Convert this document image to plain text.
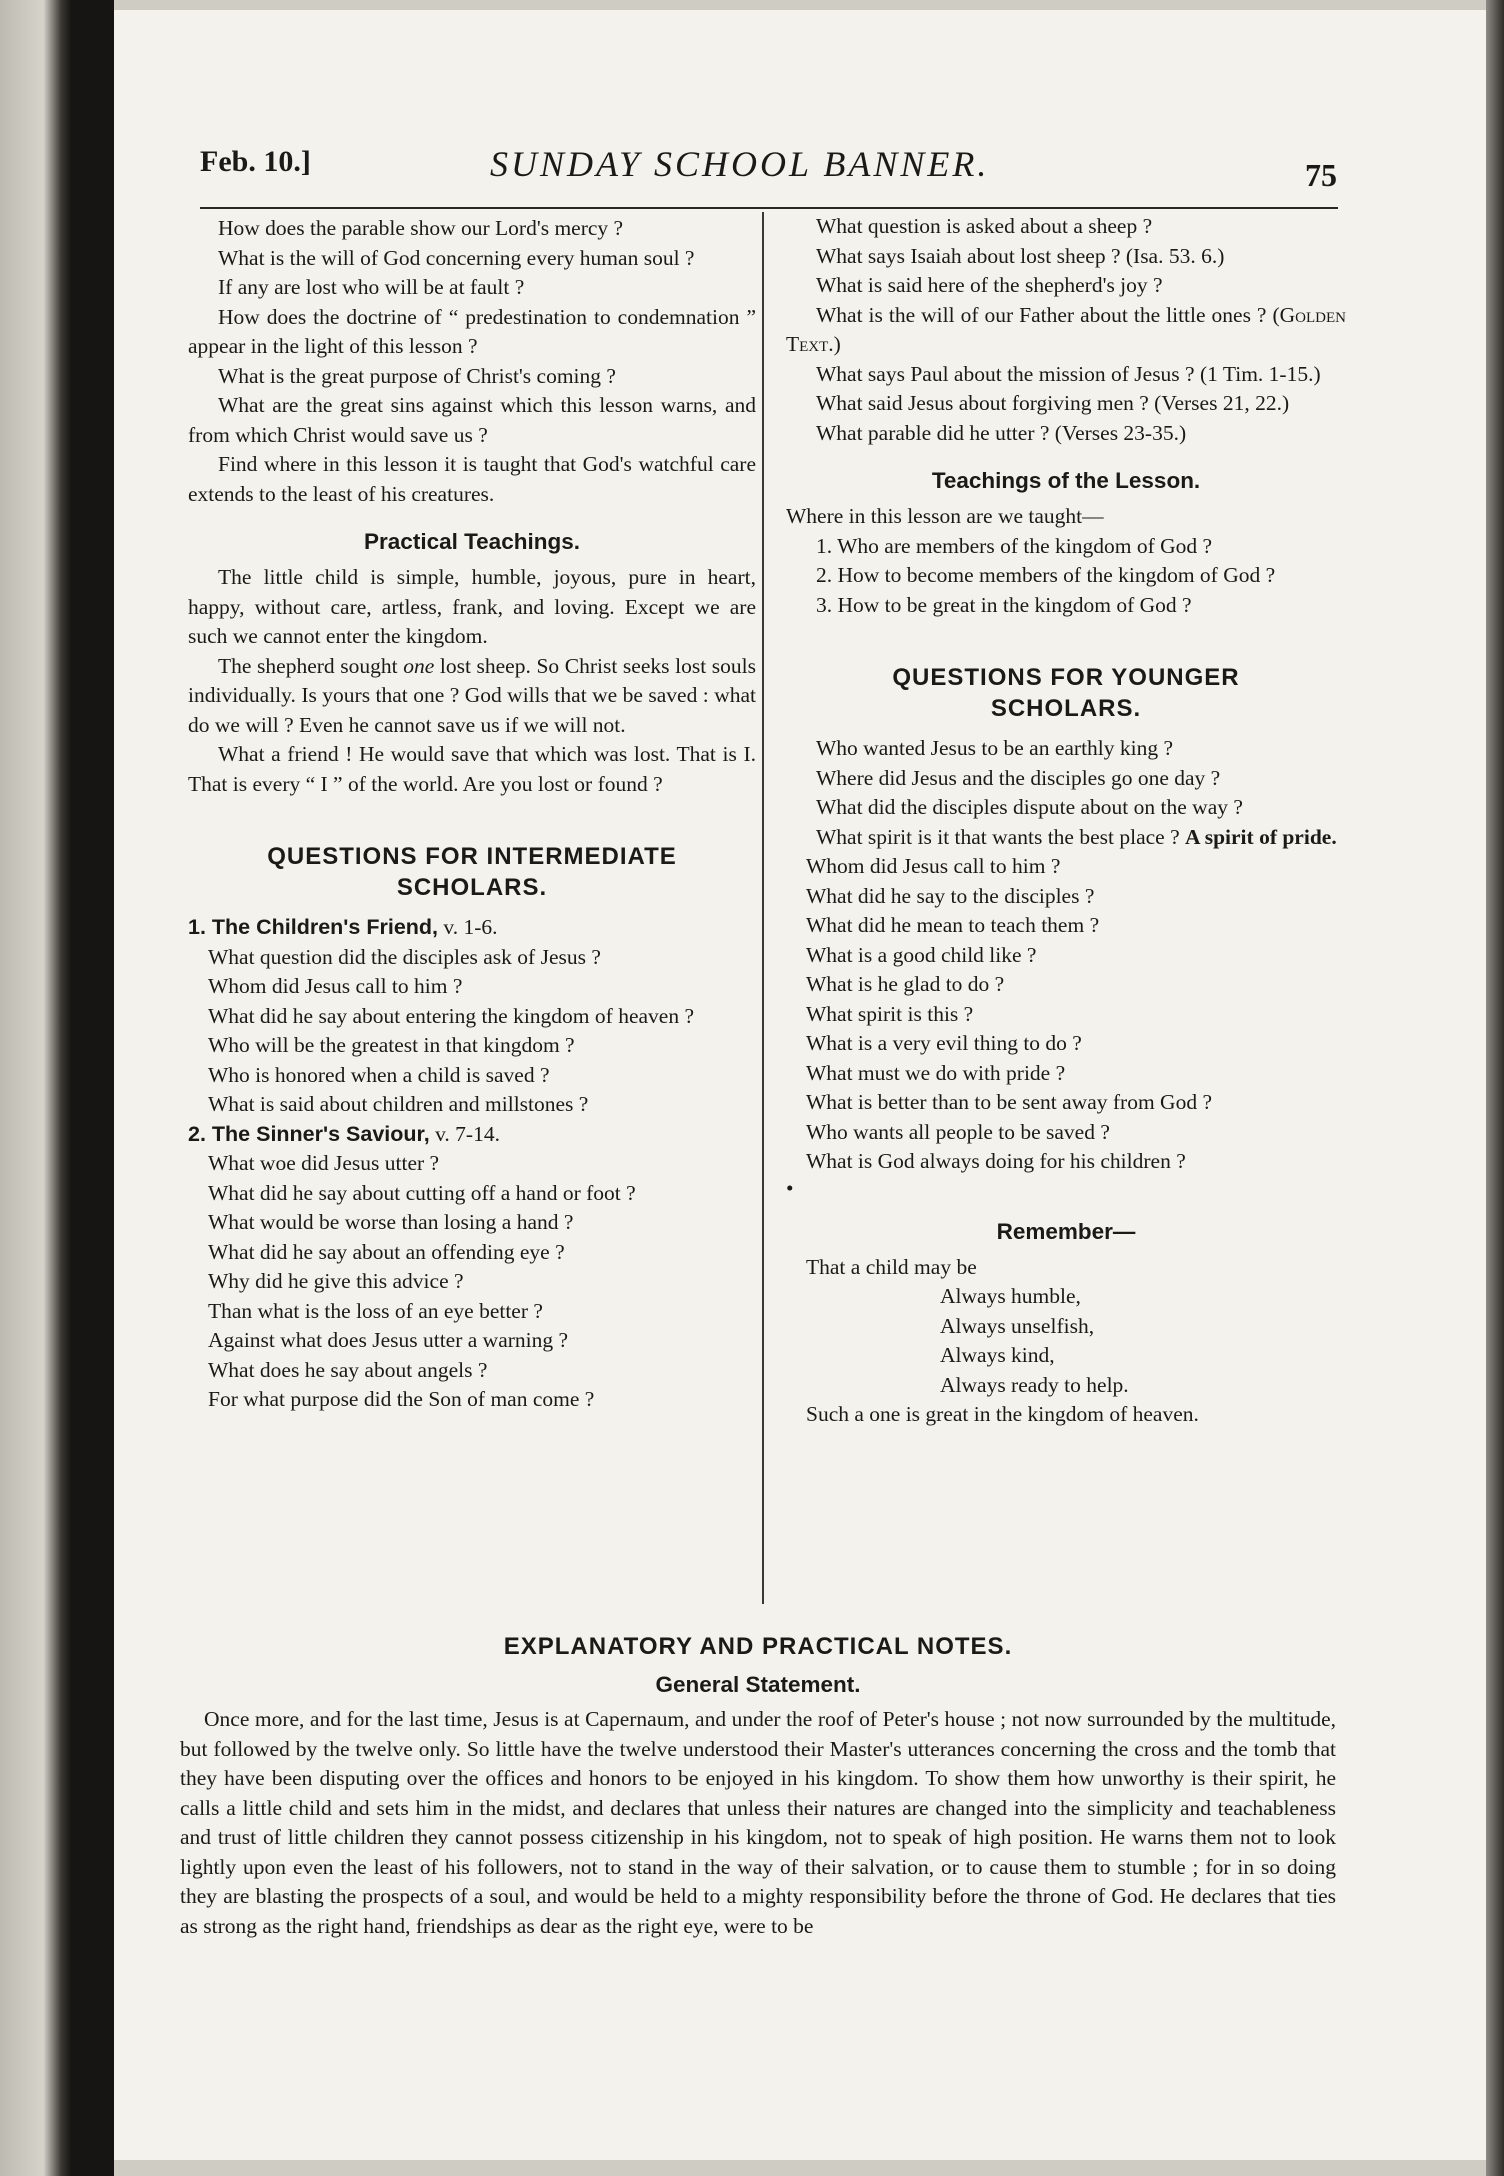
Feb. 10.]	SUNDAY SCHOOL BANNER.	75

How does the parable show our Lord's mercy ?

What is the will of God concerning every human soul ?

If any are lost who will be at fault ?

How does the doctrine of “ predestination to condemnation ” appear in the light of this lesson ?

What is the great purpose of Christ's coming ?

What are the great sins against which this lesson warns, and from which Christ would save us ?

Find where in this lesson it is taught that God's watchful care extends to the least of his creatures.

Practical Teachings.

The little child is simple, humble, joyous, pure in heart, happy, without care, artless, frank, and loving. Except we are such we cannot enter the kingdom.

The shepherd sought one lost sheep. So Christ seeks lost souls individually. Is yours that one ? God wills that we be saved : what do we will ? Even he cannot save us if we will not.

What a friend ! He would save that which was lost. That is I. That is every “ I ” of the world. Are you lost or found ?

QUESTIONS FOR INTERMEDIATE
SCHOLARS.

1. The Children's Friend, v. 1-6.

What question did the disciples ask of Jesus ?

Whom did Jesus call to him ?

What did he say about entering the kingdom of heaven ?

Who will be the greatest in that kingdom ?

Who is honored when a child is saved ?

What is said about children and millstones ?

2. The Sinner's Saviour, v. 7-14.

What woe did Jesus utter ?

What did he say about cutting off a hand or foot ?

What would be worse than losing a hand ?

What did he say about an offending eye ?

Why did he give this advice ?

Than what is the loss of an eye better ?

Against what does Jesus utter a warning ?

What does he say about angels ?

For what purpose did the Son of man come ?

What question is asked about a sheep ?

What says Isaiah about lost sheep ? (Isa. 53. 6.)

What is said here of the shepherd's joy ?

What is the will of our Father about the little ones ? (Golden Text.)

What says Paul about the mission of Jesus ? (1 Tim. 1-15.)

What said Jesus about forgiving men ? (Verses 21, 22.)

What parable did he utter ? (Verses 23-35.)

Teachings of the Lesson.

Where in this lesson are we taught—

1. Who are members of the kingdom of God ?

2. How to become members of the kingdom of God ?

3. How to be great in the kingdom of God ?

QUESTIONS FOR YOUNGER
SCHOLARS.

Who wanted Jesus to be an earthly king ?

Where did Jesus and the disciples go one day ?

What did the disciples dispute about on the way ?

What spirit is it that wants the best place ? A spirit of pride.

Whom did Jesus call to him ?

What did he say to the disciples ?

What did he mean to teach them ?

What is a good child like ?

What is he glad to do ?

What spirit is this ?

What is a very evil thing to do ?

What must we do with pride ?

What is better than to be sent away from God ?

Who wants all people to be saved ?

What is God always doing for his children ?

•

Remember—

That a child may be

Always humble,

Always unselfish,

Always kind,

Always ready to help.

Such a one is great in the kingdom of heaven.

EXPLANATORY AND PRACTICAL NOTES.
General Statement.

Once more, and for the last time, Jesus is at Capernaum, and under the roof of Peter's house ; not now surrounded by the multitude, but followed by the twelve only. So little have the twelve understood their Master's utterances concerning the cross and the tomb that they have been disputing over the offices and honors to be enjoyed in his kingdom. To show them how unworthy is their spirit, he calls a little child and sets him in the midst, and declares that unless their natures are changed into the simplicity and teachableness and trust of little children they cannot possess citizenship in his kingdom, not to speak of high position. He warns them not to look lightly upon even the least of his followers, not to stand in the way of their salvation, or to cause them to stumble ; for in so doing they are blasting the prospects of a soul, and would be held to a mighty responsibility before the throne of God. He declares that ties as strong as the right hand, friendships as dear as the right eye, were to be
